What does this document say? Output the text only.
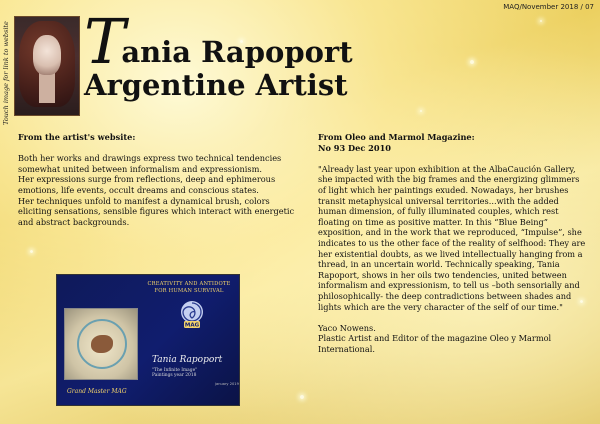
MAQ/November 2018 / 07
Touch image for link to website T
ania Rapoport
Argentine Artist
From the artist's website:

Both her works and drawings express two technical tendencies somewhat united between informalism and expressionism.

Her expressions surge from reflections, deep and ephimerous emotions, life events, occult dreams and conscious states.

Her techniques unfold to manifest a dynamical brush, colors eliciting sensations, sensible figures which interact with energetic and abstract backgrounds.

CREATIVITY AND ANTIDOTE
FOR HUMAN SURVIVAL
MAG
Tania Rapoport
"The Infinite Image"
Paintings year 2018
Grand Master MAG
january 2019
From Oleo and Marmol Magazine:
No 93 Dec 2010

"Already last year upon exhibition at the AlbaCaución Gallery, she impacted with the big frames and the energizing glimmers of light which her paintings exuded. Nowadays, her brushes transit metaphysical universal territories...with the added human dimension, of fully illuminated couples, which rest floating on time as positive matter. In this “Blue Being” exposition, and in the work that we reproduced, “Impulse”, she indicates to us the other face of the reality of selfhood: They are her existential doubts, as we lived intellectually hanging from a thread, in an uncertain world. Technically speaking, Tania Rapoport, shows in her oils two tendencies, united between informalism and expressionism, to tell us –both sensorially and philosophically- the deep contradictions between shades and lights which are the very character of the self of our time."

Yaco Nowens.

Plastic Artist and Editor of the magazine Oleo y Marmol International.
